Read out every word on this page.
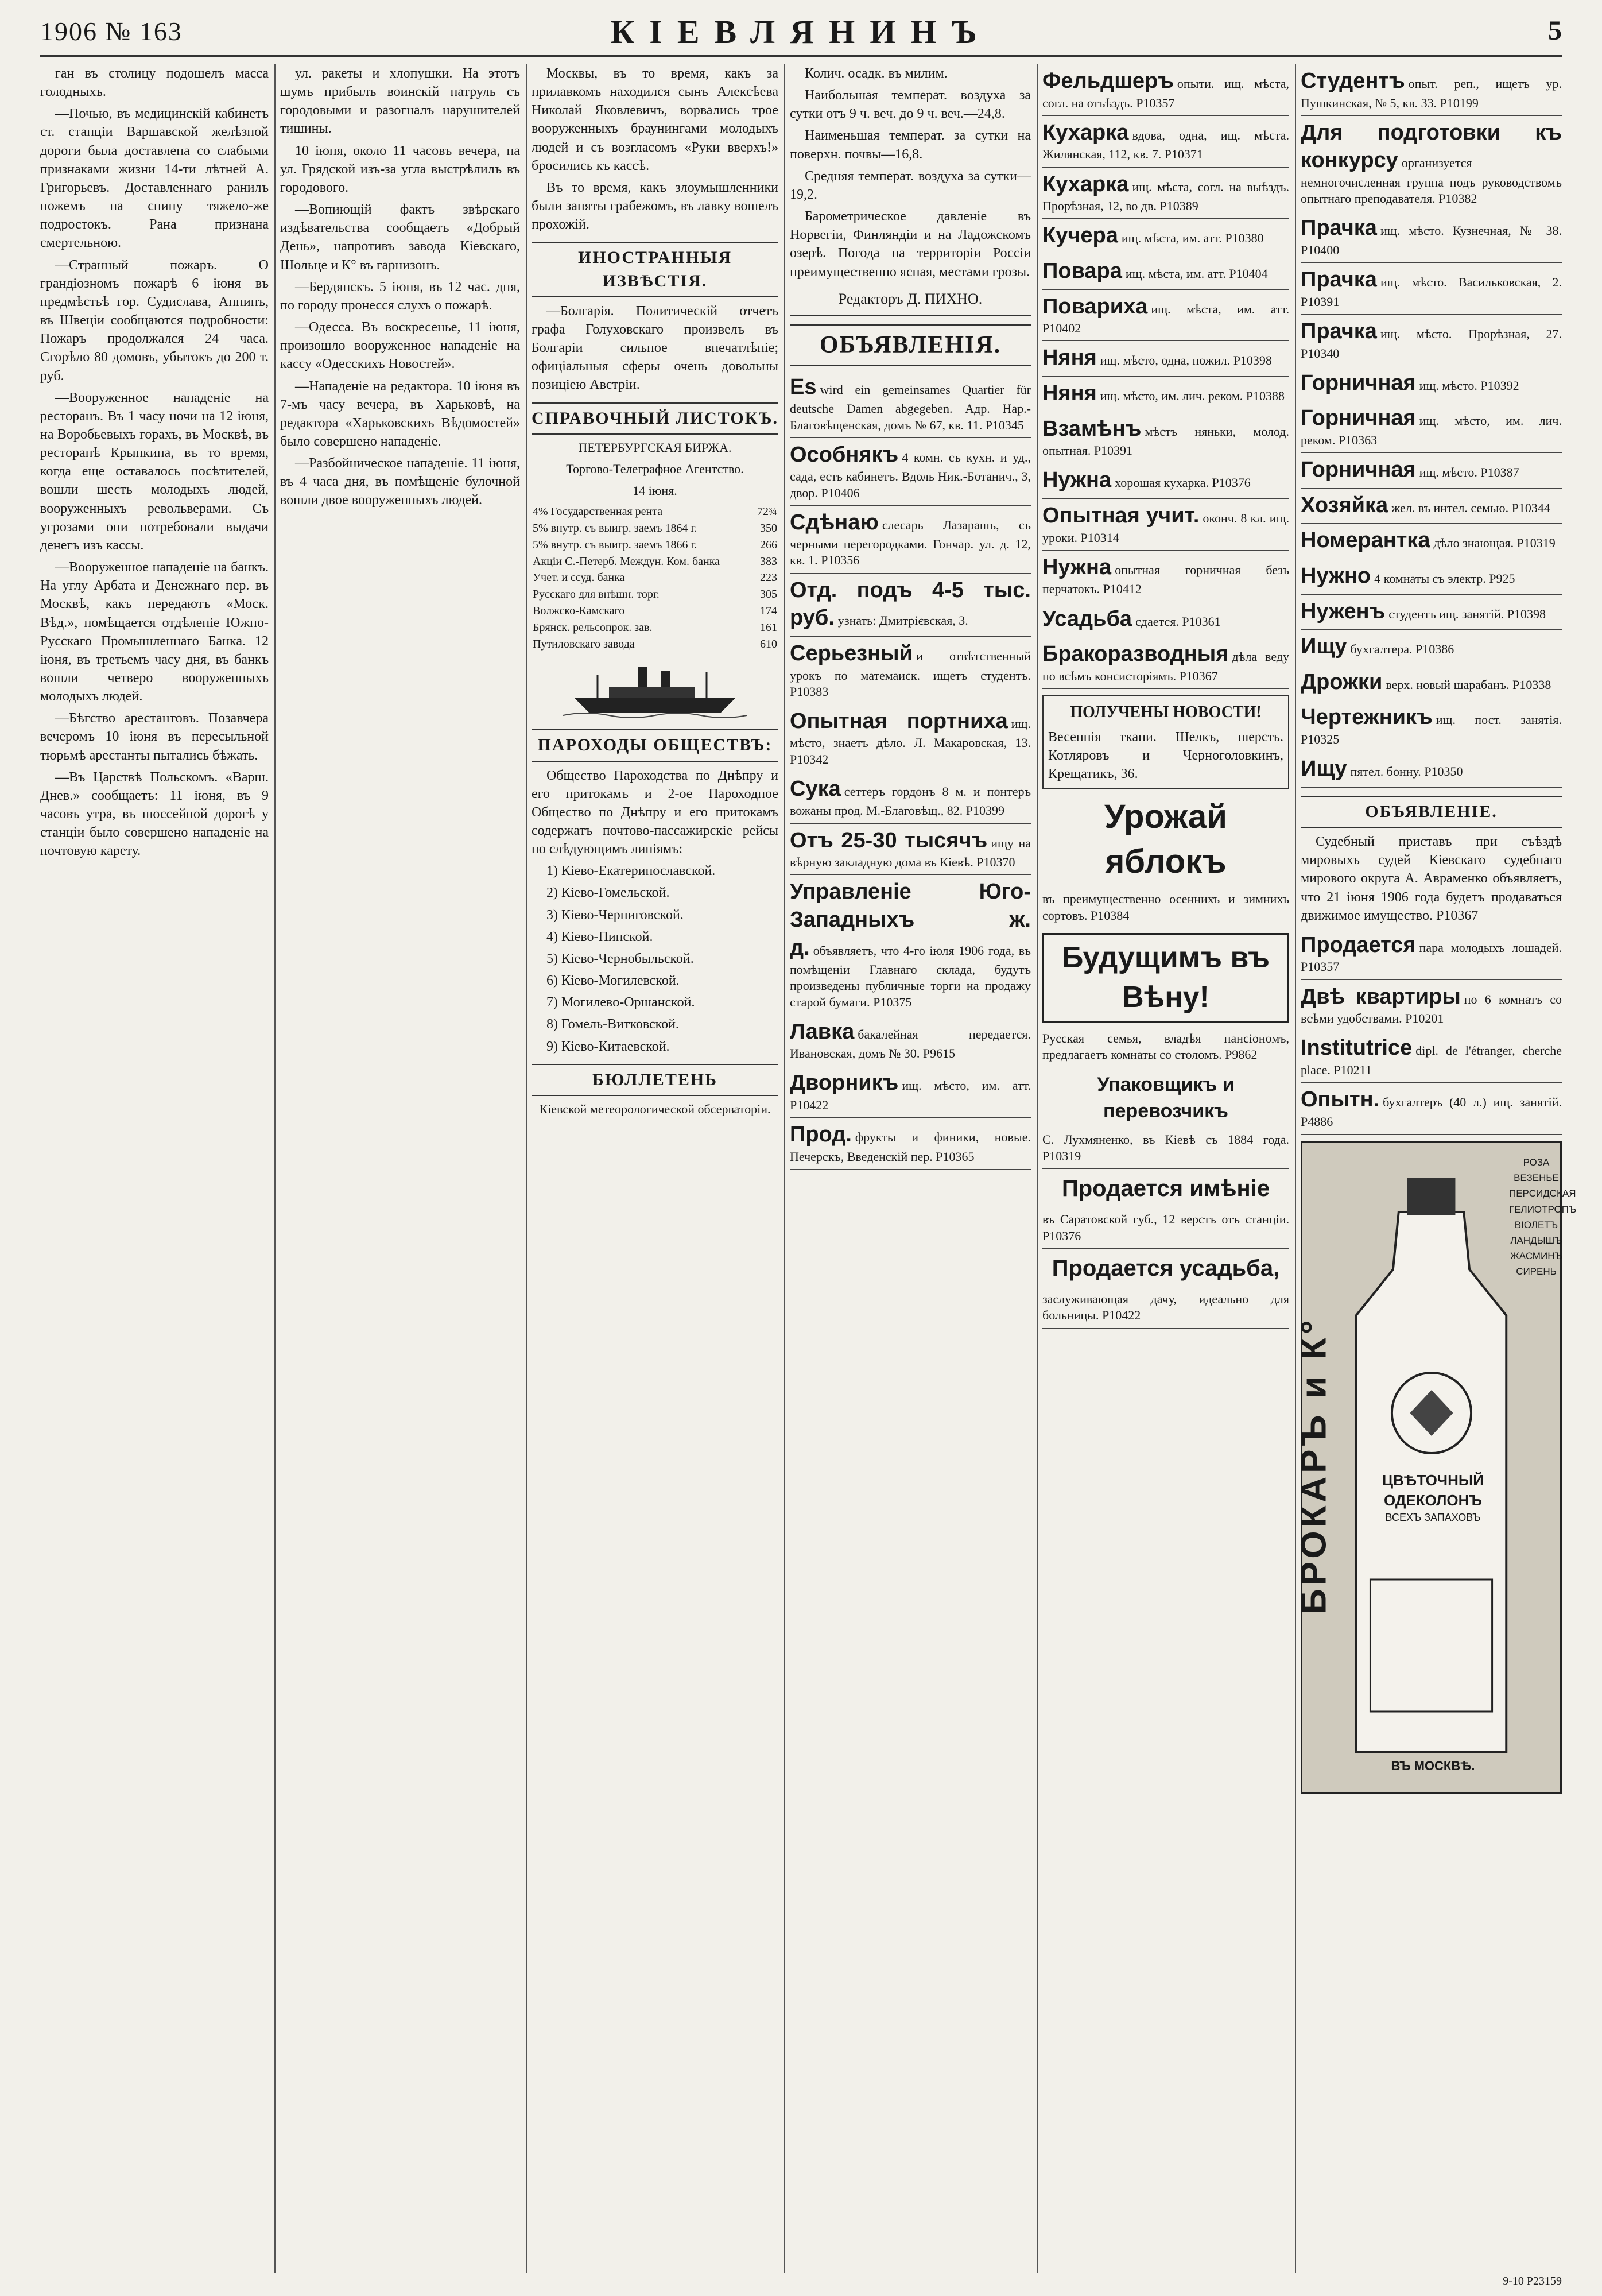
1906 № 163	КІЕВЛЯНИНЪ	5

ган въ столицу подошелъ масса голодныхъ.

—Почью, въ медицинскій кабинетъ ст. станціи Варшавской желѣзной дороги была доставлена со слабыми признаками жизни 14-ти лѣтней А. Григорьевъ. Доставленнаго ранилъ ножемъ на спину тяжело-же подростокъ. Рана признана смертельною.

—Странный пожаръ. О грандіозномъ пожарѣ 6 іюня въ предмѣстьѣ гор. Судислава, Аннинъ, въ Швеціи сообщаются подробности: Пожаръ продолжался 24 часа. Сгорѣло 80 домовъ, убытокъ до 200 т. руб.

—Вооруженное нападеніе на ресторанъ. Въ 1 часу ночи на 12 іюня, на Воробьевыхъ горахъ, въ Москвѣ, въ ресторанѣ Крынкина, въ то время, когда еще оставалось посѣтителей, вошли шесть молодыхъ людей, вооруженныхъ револьверами. Съ угрозами они потребовали выдачи денегъ изъ кассы.

—Вооруженное нападеніе на банкъ. На углу Арбата и Денежнаго пер. въ Москвѣ, какъ передаютъ «Моск. Вѣд.», помѣщается отдѣленіе Южно-Русскаго Промышленнаго Банка. 12 іюня, въ третьемъ часу дня, въ банкъ вошли четверо вооруженныхъ молодыхъ людей.

—Бѣгство арестантовъ. Позавчера вечеромъ 10 іюня въ пересыльной тюрьмѣ арестанты пытались бѣжать.

—Въ Царствѣ Польскомъ. «Варш. Днев.» сообщаетъ: 11 іюня, въ 9 часовъ утра, въ шоссейной дорогѣ у станціи было совершено нападеніе на почтовую карету.

ул. ракеты и хлопушки. На этотъ шумъ прибылъ воинскій патруль съ городовыми и разогналъ нарушителей тишины.

10 іюня, около 11 часовъ вечера, на ул. Грядской изъ-за угла выстрѣлилъ въ городового.

—Вопиющій фактъ звѣрскаго издѣвательства сообщаетъ «Добрый День», напротивъ завода Кіевскаго, Шольце и К° въ гарнизонъ.

—Бердянскъ. 5 іюня, въ 12 час. дня, по городу пронесся слухъ о пожарѣ.

—Одесса. Въ воскресенье, 11 іюня, произошло вооруженное нападеніе на кассу «Одесскихъ Новостей».

—Нападеніе на редактора. 10 іюня въ 7-мъ часу вечера, въ Харьковѣ, на редактора «Харьковскихъ Вѣдомостей» было совершено нападеніе.

—Разбойническое нападеніе. 11 іюня, въ 4 часа дня, въ помѣщеніе булочной вошли двое вооруженныхъ людей.

Москвы, въ то время, какъ за прилавкомъ находился сынъ Алексѣева Николай Яковлевичъ, ворвались трое вооруженныхъ браунингами молодыхъ людей и съ возгласомъ «Руки вверхъ!» бросились къ кассѣ.

Въ то время, какъ злоумышленники были заняты грабежомъ, въ лавку вошелъ прохожій.

ИНОСТРАННЫЯ ИЗВѢСТІЯ.

—Болгарія. Политическій отчетъ графа Голуховскаго произвелъ въ Болгаріи сильное впечатлѣніе; офиціальныя сферы очень довольны позиціею Австріи.

СПРАВОЧНЫЙ ЛИСТОКЪ.
ПЕТЕРБУРГСКАЯ БИРЖА.
Торгово-Телеграфное Агентство.
14 іюня.
4% Государственная рента	72¾
5% внутр. съ выигр. заемъ 1864 г.	350
5% внутр. съ выигр. заемъ 1866 г.	266
Акціи С.-Петерб. Междун. Ком. банка	383
Учет. и ссуд. банка	223
Русскаго для внѣшн. торг.	305
Волжско-Камскаго	174
Брянск. рельсопрок. зав.	161
Путиловскаго завода	610
ПАРОХОДЫ ОБЩЕСТВЪ:

Общество Пароходства по Днѣпру и его притокамъ и 2-ое Пароходное Общество по Днѣпру и его притокамъ содержатъ почтово-пассажирскіе рейсы по слѣдующимъ линіямъ:

1) Кіево-Екатеринославской.

2) Кіево-Гомельской.

3) Кіево-Черниговской.

4) Кіево-Пинской.

5) Кіево-Чернобыльской.

6) Кіево-Могилевской.

7) Могилево-Оршанской.

8) Гомель-Витковской.

9) Кіево-Китаевской.

БЮЛЛЕТЕНЬ
Кіевской метеорологической обсерваторіи.

Колич. осадк. въ милим.

Наибольшая температ. воздуха за сутки отъ 9 ч. веч. до 9 ч. веч.—24,8.

Наименьшая температ. за сутки на поверхн. почвы—16,8.

Средняя температ. воздуха за сутки—19,2.

Барометрическое давленіе въ Норвегіи, Финляндіи и на Ладожскомъ озерѣ. Погода на территоріи Россіи преимущественно ясная, местами грозы.

Редакторъ Д. ПИХНО.
ОБЪЯВЛЕНІЯ.
Es wird ein gemeinsames Quartier für deutsche Damen abgegeben. Адр. Нар.-Благовѣщенская, домъ № 67, кв. 11. Р10345
Особнякъ 4 комн. съ кухн. и уд., сада, есть кабинетъ. Вдоль Ник.-Ботанич., 3, двор. Р10406
Сдѣнаю слесарь Лазарашъ, съ черными перегородками. Гончар. ул. д. 12, кв. 1. Р10356
Отд. подъ 4-5 тыс. руб. узнать: Дмитрієвская, 3.
Серьезный и отвѣтственный урокъ по матемаиск. ищетъ студентъ. Р10383
Опытная портниха ищ. мѣсто, знаетъ дѣло. Л. Макаровская, 13. Р10342
Сука сеттеръ гордонъ 8 м. и понтеръ вожаны прод. М.-Благовѣщ., 82. Р10399
Отъ 25-30 тысячъ ищу на вѣрную закладную дома въ Кіевѣ. Р10370
Управленіе Юго-Западныхъ ж. д. объявляетъ, что 4-го іюля 1906 года, въ помѣщеніи Главнаго склада, будутъ произведены публичные торги на продажу старой бумаги. Р10375
Лавка бакалейная передается. Ивановская, домъ № 30. Р9615
Дворникъ ищ. мѣсто, им. атт. Р10422
Прод. фрукты и финики, новые. Печерскъ, Введенскій пер. Р10365
Фельдшеръ опыти. ищ. мѣста, согл. на отъѣздъ. Р10357
Кухарка вдова, одна, ищ. мѣста. Жилянская, 112, кв. 7. Р10371
Кухарка ищ. мѣста, согл. на выѣздъ. Прорѣзная, 12, во дв. Р10389
Кучера ищ. мѣста, им. атт. Р10380
Повара ищ. мѣста, им. атт. Р10404
Повариха ищ. мѣста, им. атт. Р10402
Няня ищ. мѣсто, одна, пожил. Р10398
Няня ищ. мѣсто, им. лич. реком. Р10388
Взамѣнъ мѣстъ няньки, молод. опытная. Р10391
Нужна хорошая кухарка. Р10376
Опытная учит. оконч. 8 кл. ищ. уроки. Р10314
Нужна опытная горничная безъ перчатокъ. Р10412
Усадьба сдается. Р10361
Бракоразводныя дѣла веду по всѣмъ консисторіямъ. Р10367
ПОЛУЧЕНЫ НОВОСТИ!
Весеннія ткани. Шелкъ, шерсть. Котляровъ и Черноголовкинъ, Крещатикъ, 36.
Урожай яблокъ
въ преимущественно осеннихъ и зимнихъ сортовъ. Р10384
Будущимъ въ Вѣну!
Русская семья, владѣя пансіономъ, предлагаетъ комнаты со столомъ. Р9862
Упаковщикъ и перевозчикъ
С. Лухмяненко, въ Кіевѣ съ 1884 года. Р10319
Продается имѣніе
въ Саратовской губ., 12 верстъ отъ станціи. Р10376
Продается усадьба,
заслуживающая дачу, идеально для больницы. Р10422
Студентъ опыт. реп., ищетъ ур. Пушкинская, № 5, кв. 33. Р10199
Для подготовки къ конкурсу организуется немногочисленная группа подъ руководствомъ опытнаго преподавателя. Р10382
Прачка ищ. мѣсто. Кузнечная, № 38. Р10400
Прачка ищ. мѣсто. Васильковская, 2. Р10391
Прачка ищ. мѣсто. Прорѣзная, 27. Р10340
Горничная ищ. мѣсто. Р10392
Горничная ищ. мѣсто, им. лич. реком. Р10363
Горничная ищ. мѣсто. Р10387
Хозяйка жел. въ интел. семью. Р10344
Номерантка дѣло знающая. Р10319
Нужно 4 комнаты съ электр. Р925
Нуженъ студентъ ищ. занятій. Р10398
Ищу бухгалтера. Р10386
Дрожки верх. новый шарабанъ. Р10338
Чертежникъ ищ. пост. занятія. Р10325
Ищу пятел. бонну. Р10350
ОБЪЯВЛЕНІЕ.

Судебный приставъ при съѣздѣ мировыхъ судей Кіевскаго судебнаго мирового округа А. Авраменко объявляетъ, что 21 іюня 1906 года будетъ продаваться движимое имущество. Р10367

Продается пара молодыхъ лошадей. Р10357
Двѣ квартиры по 6 комнатъ со всѣми удобствами. Р10201
Institutrice dipl. de l'étranger, cherche place. Р10211
Опытн. бухгалтеръ (40 л.) ищ. занятій. Р4886
БРОКАРЪ и К°	ЦВѢТОЧНЫЙ ОДЕКОЛОНЪ
ВСЕХЪ ЗАПАХОВЪ
РОЗА
ВЕЗЕНЬЕ
ПЕРСИДСКАЯ
ГЕЛИОТРОПЪ
ВІОЛЕТЪ
ЛАНДЫШЪ
ЖАСМИНЪ
СИРЕНЬ
ВЪ МОСКВѢ.
9-10 Р23159
